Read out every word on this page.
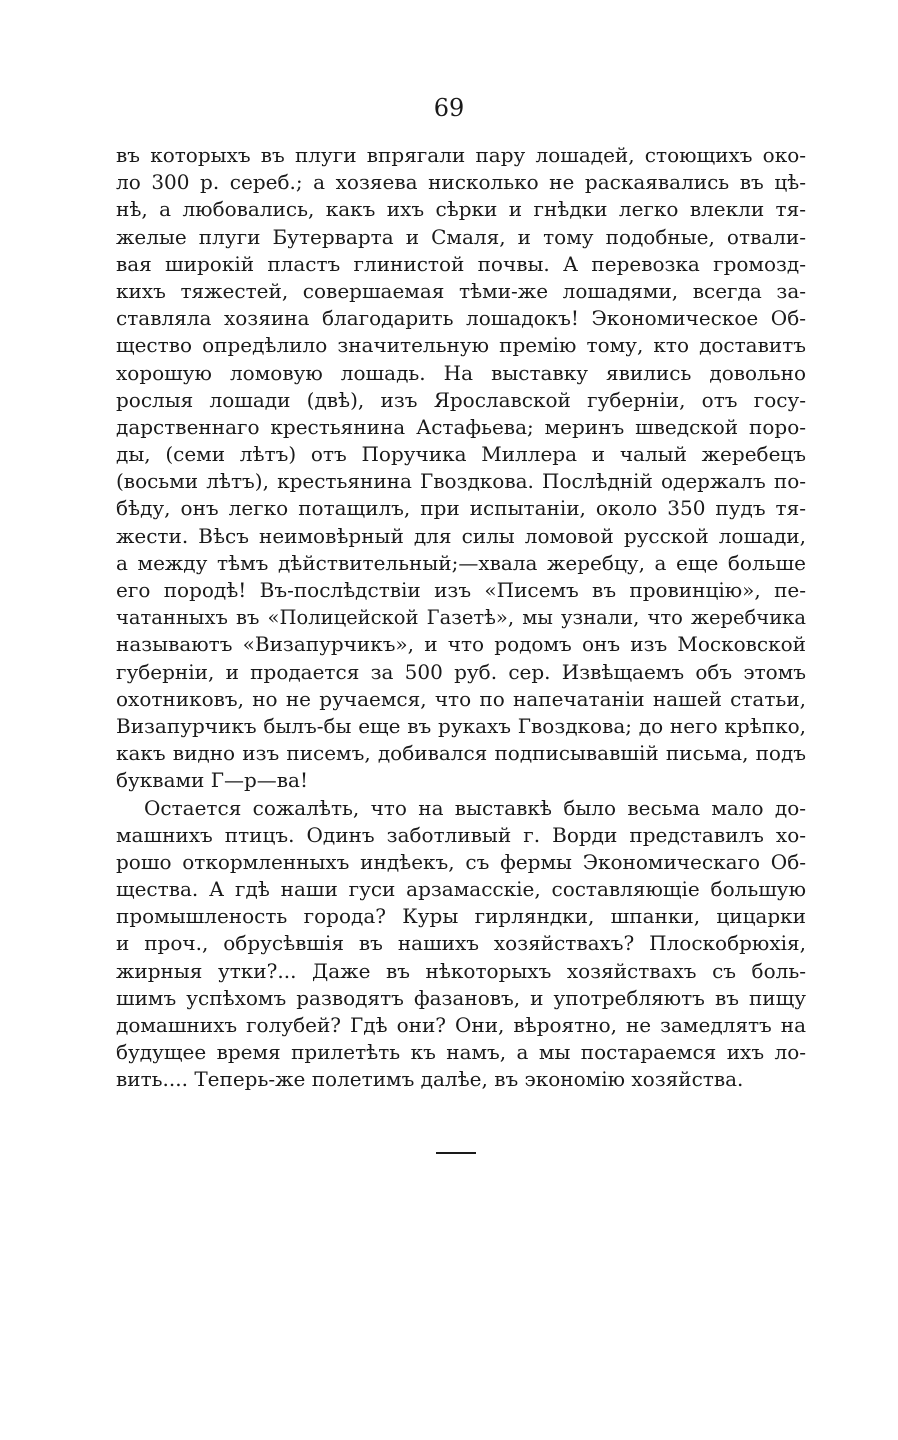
69

въ которыхъ въ плуги впрягали пару лошадей, стоющихъ око-
ло 300 р. сереб.; а хозяева нисколько не раскаявались въ цѣ-
нѣ, а любовались, какъ ихъ сѣрки и гнѣдки легко влекли тя-
желые плуги Бутерварта и Смаля, и тому подобные, отвали-
вая широкій пластъ глинистой почвы. А перевозка громозд-
кихъ тяжестей, совершаемая тѣми-же лошадями, всегда за-
ставляла хозяина благодарить лошадокъ! Экономическое Об-
щество опредѣлило значительную премію тому, кто доставитъ
хорошую ломовую лошадь. На выставку явились довольно
рослыя лошади (двѣ), изъ Ярославской губерніи, отъ госу-
дарственнаго крестьянина Астафьева; меринъ шведской поро-
ды, (семи лѣтъ) отъ Поручика Миллера и чалый жеребецъ
(восьми лѣтъ), крестьянина Гвоздкова. Послѣдній одержалъ по-
бѣду, онъ легко потащилъ, при испытаніи, около 350 пудъ тя-
жести. Вѣсъ неимовѣрный для силы ломовой русской лошади,
а между тѣмъ дѣйствительный;—хвала жеребцу, а еще больше
его породѣ! Въ-послѣдствіи изъ «Писемъ въ провинцію», пе-
чатанныхъ въ «Полицейской Газетѣ», мы узнали, что жеребчика
называютъ «Визапурчикъ», и что родомъ онъ изъ Московской
губерніи, и продается за 500 руб. сер. Извѣщаемъ объ этомъ
охотниковъ, но не ручаемся, что по напечатаніи нашей статьи,
Визапурчикъ былъ-бы еще въ рукахъ Гвоздкова; до него крѣпко,
какъ видно изъ писемъ, добивался подписывавшій письма, подъ
буквами Г—р—ва!

Остается сожалѣть, что на выставкѣ было весьма мало до-
машнихъ птицъ. Одинъ заботливый г. Ворди представилъ хо-
рошо откормленныхъ индѣекъ, съ фермы Экономическаго Об-
щества. А гдѣ наши гуси арзамасскіе, составляющіе большую
промышленость города? Куры гирляндки, шпанки, цицарки
и проч., обрусѣвшія въ нашихъ хозяйствахъ? Плоскобрюхія,
жирныя утки?... Даже въ нѣкоторыхъ хозяйствахъ съ боль-
шимъ успѣхомъ разводятъ фазановъ, и употребляютъ въ пищу
домашнихъ голубей? Гдѣ они? Они, вѣроятно, не замедлятъ на
будущее время прилетѣть къ намъ, а мы постараемся ихъ ло-
вить.... Теперь-же полетимъ далѣе, въ экономію хозяйства.
